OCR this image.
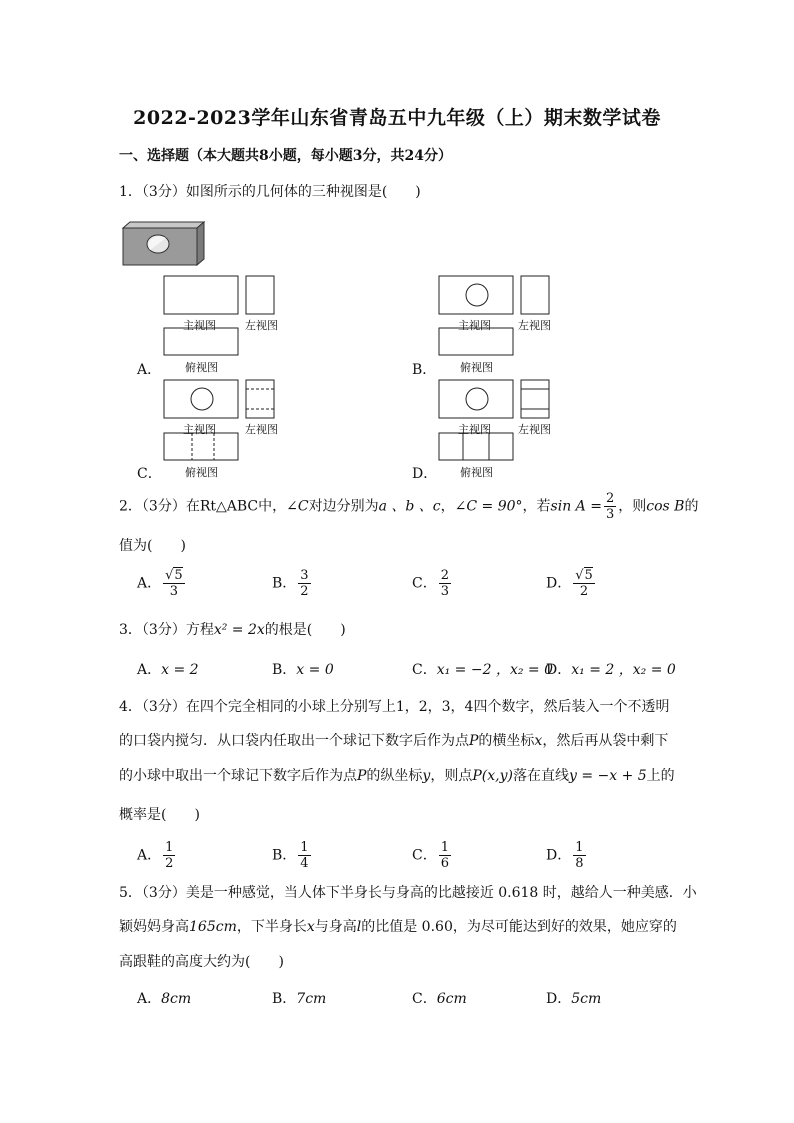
2022-2023学年山东省青岛五中九年级（上）期末数学试卷
一、选择题（本大题共8小题，每小题3分，共24分）
1．（3分）如图所示的几何体的三种视图是(　　)
主视图	左视图
俯视图
A．
主视图 左视图
俯视图
B．
主视图	左视图
俯视图
C．
主视图 左视图
俯视图
D．
2．（3分）在Rt△ABC中，∠C对边分别为a 、b 、c，∠C = 90°，若$\sin A = \frac{2}{3}$ ，则cos B的
值为(　　)
A． $\frac{√5}{3}$	B． $\frac{3}{2}$	C． $\frac{2}{3}$	D． $\frac{√5}{2}$
3．（3分）方程x² = 2x的根是(　　)
A．x = 2	B．x = 0	C．x₁ = −2 ，x₂ = 0
D．x₁ = 2 ，x₂ = 0
4．（3分）在四个完全相同的小球上分别写上1，2，3，4四个数字，然后装入一个不透明
的口袋内搅匀．从口袋内任取出一个球记下数字后作为点P的横坐标x，然后再从袋中剩下
的小球中取出一个球记下数字后作为点P的纵坐标y，则点P(x,y)落在直线y = −x + 5上的
概率是(　　)
A． $\frac{1}{2}$	B． $\frac{1}{4}$	C． $\frac{1}{6}$	D． $\frac{1}{8}$
5．（3分）美是一种感觉，当人体下半身长与身高的比越接近 0.618 时，越给人一种美感．小
颖妈妈身高165cm，下半身长x与身高l的比值是 0.60，为尽可能达到好的效果，她应穿的
高跟鞋的高度大约为(　　)
A．8cm	B．7cm	C．6cm	D．5cm
